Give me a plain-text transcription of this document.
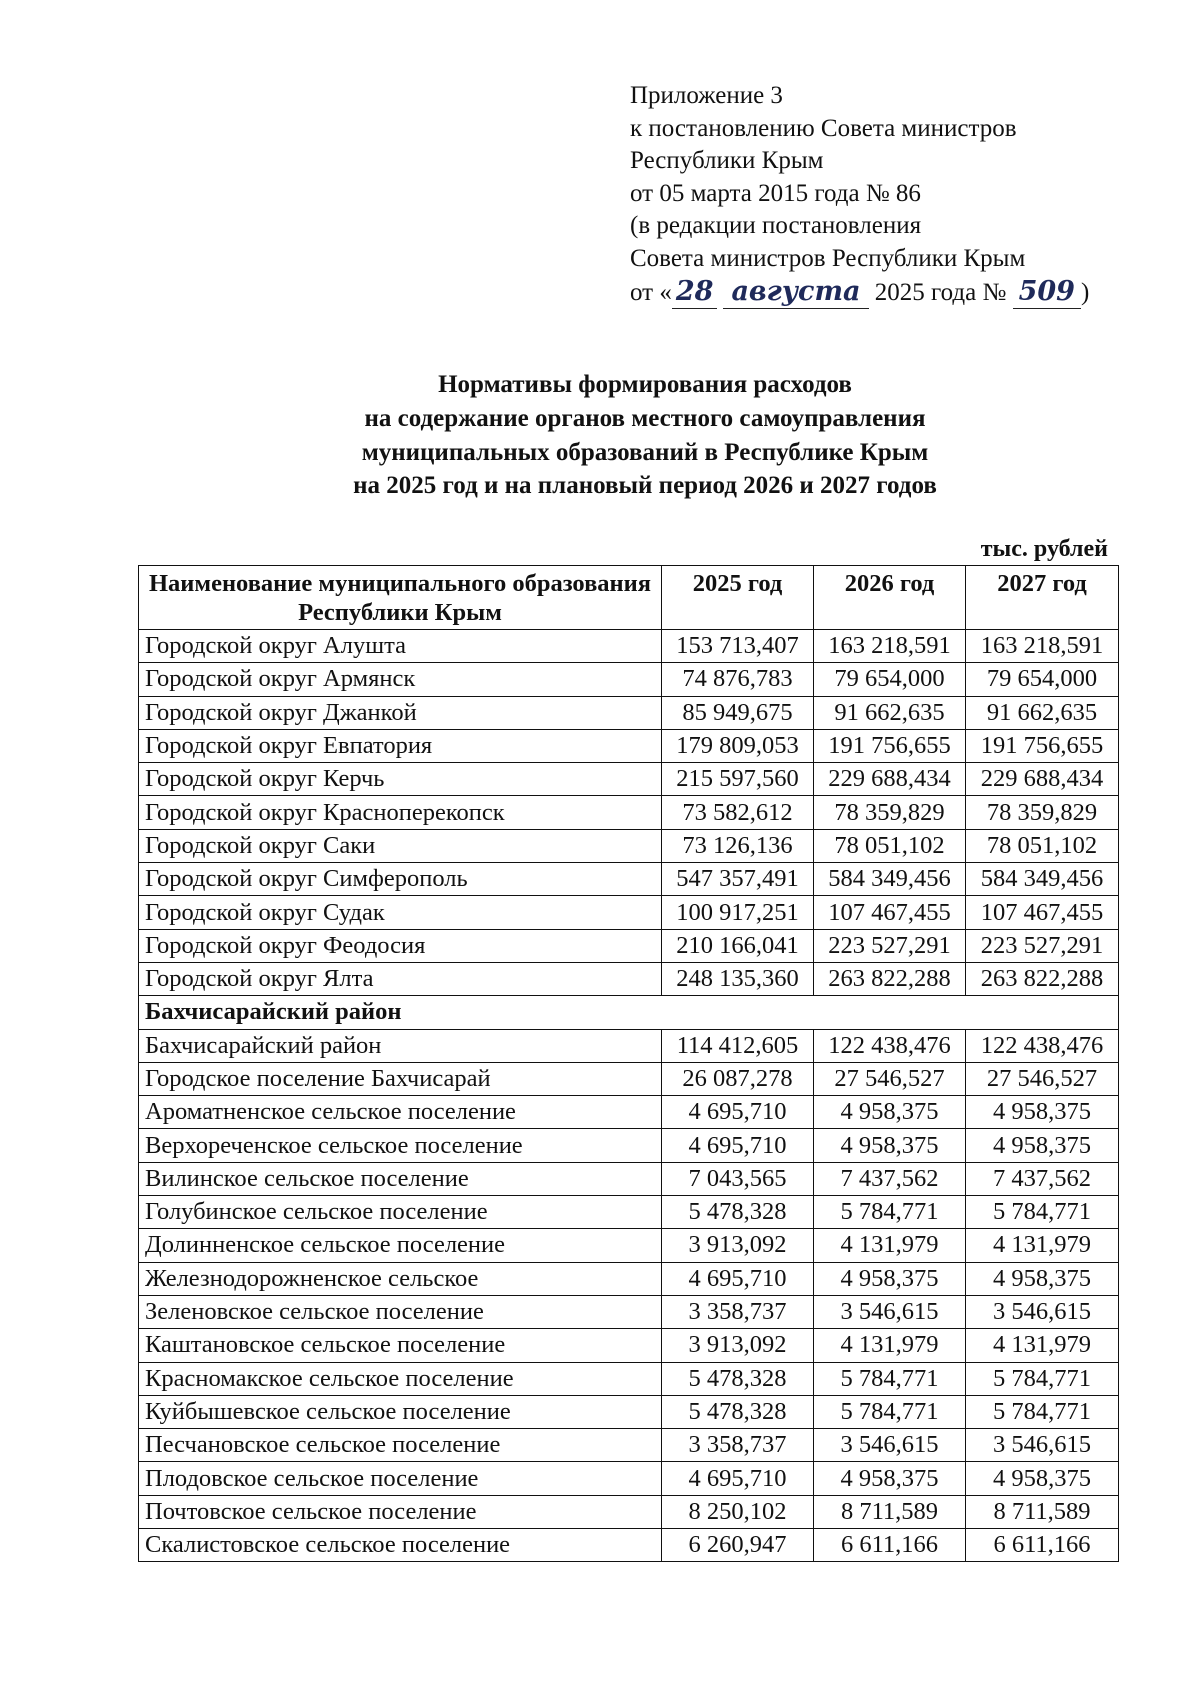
Приложение 3
к постановлению Совета министров
Республики Крым
от 05 марта 2015 года № 86
(в редакции постановления
Совета министров Республики Крым
от « 28 августа 2025 года № 509 )
Нормативы формирования расходов
на содержание органов местного самоуправления
муниципальных образований в Республике Крым
на 2025 год и на плановый период 2026 и 2027 годов
тыс. рублей
Наименование муниципального образования Республики Крым	2025 год	2026 год	2027 год
Городской округ Алушта	153 713,407	163 218,591	163 218,591
Городской округ Армянск	74 876,783	79 654,000	79 654,000
Городской округ Джанкой	85 949,675	91 662,635	91 662,635
Городской округ Евпатория	179 809,053	191 756,655	191 756,655
Городской округ Керчь	215 597,560	229 688,434	229 688,434
Городской округ Красноперекопск	73 582,612	78 359,829	78 359,829
Городской округ Саки	73 126,136	78 051,102	78 051,102
Городской округ Симферополь	547 357,491	584 349,456	584 349,456
Городской округ Судак	100 917,251	107 467,455	107 467,455
Городской округ Феодосия	210 166,041	223 527,291	223 527,291
Городской округ Ялта	248 135,360	263 822,288	263 822,288
Бахчисарайский район			
Бахчисарайский район	114 412,605	122 438,476	122 438,476
Городское поселение Бахчисарай	26 087,278	27 546,527	27 546,527
Ароматненское сельское поселение	4 695,710	4 958,375	4 958,375
Верхореченское сельское поселение	4 695,710	4 958,375	4 958,375
Вилинское сельское поселение	7 043,565	7 437,562	7 437,562
Голубинское сельское поселение	5 478,328	5 784,771	5 784,771
Долинненское сельское поселение	3 913,092	4 131,979	4 131,979
Железнодорожненское сельское	4 695,710	4 958,375	4 958,375
Зеленовское сельское поселение	3 358,737	3 546,615	3 546,615
Каштановское сельское поселение	3 913,092	4 131,979	4 131,979
Красномакское сельское поселение	5 478,328	5 784,771	5 784,771
Куйбышевское сельское поселение	5 478,328	5 784,771	5 784,771
Песчановское сельское поселение	3 358,737	3 546,615	3 546,615
Плодовское сельское поселение	4 695,710	4 958,375	4 958,375
Почтовское сельское поселение	8 250,102	8 711,589	8 711,589
Скалистовское сельское поселение	6 260,947	6 611,166	6 611,166
